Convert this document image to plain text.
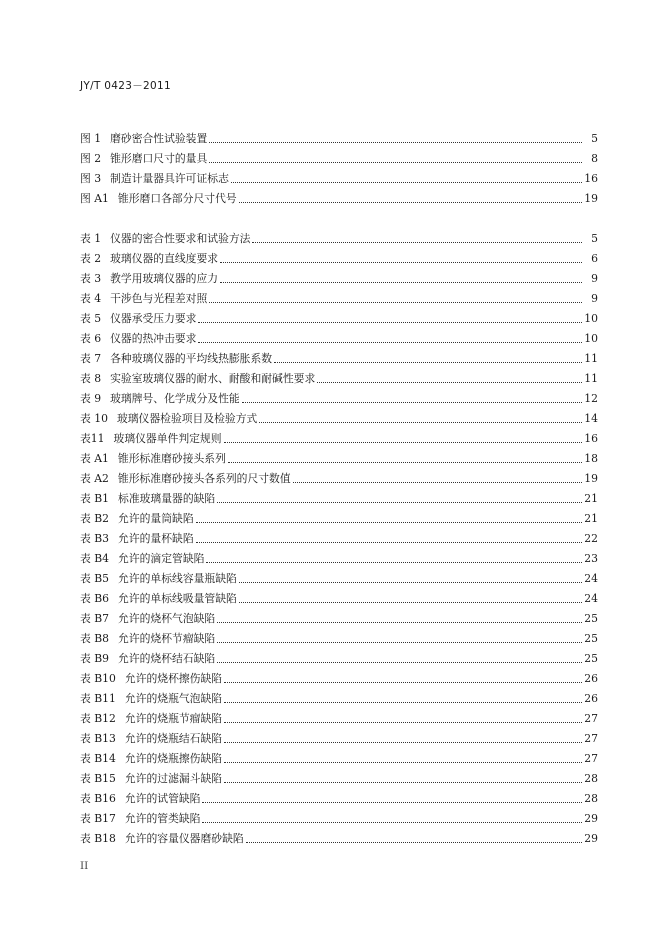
JY/T 0423－2011
图 1 磨砂密合性试验装置	5
图 2 锥形磨口尺寸的量具	8
图 3 制造计量器具许可证标志	16
图 A1 锥形磨口各部分尺寸代号	19
表 1 仪器的密合性要求和试验方法	5
表 2 玻璃仪器的直线度要求	6
表 3 教学用玻璃仪器的应力	9
表 4 干涉色与光程差对照	9
表 5 仪器承受压力要求	10
表 6 仪器的热冲击要求	10
表 7 各种玻璃仪器的平均线热膨胀系数	11
表 8 实验室玻璃仪器的耐水、耐酸和耐碱性要求	11
表 9 玻璃牌号、化学成分及性能	12
表 10 玻璃仪器检验项目及检验方式	14
表11 玻璃仪器单件判定规则	16
表 A1 锥形标准磨砂接头系列	18
表 A2 锥形标准磨砂接头各系列的尺寸数值	19
表 B1 标准玻璃量器的缺陷	21
表 B2 允许的量筒缺陷	21
表 B3 允许的量杯缺陷	22
表 B4 允许的滴定管缺陷	23
表 B5 允许的单标线容量瓶缺陷	24
表 B6 允许的单标线吸量管缺陷	24
表 B7 允许的烧杯气泡缺陷	25
表 B8 允许的烧杯节瘤缺陷	25
表 B9 允许的烧杯结石缺陷	25
表 B10 允许的烧杯擦伤缺陷	26
表 B11 允许的烧瓶气泡缺陷	26
表 B12 允许的烧瓶节瘤缺陷	27
表 B13 允许的烧瓶结石缺陷	27
表 B14 允许的烧瓶擦伤缺陷	27
表 B15 允许的过滤漏斗缺陷	28
表 B16 允许的试管缺陷	28
表 B17 允许的管类缺陷	29
表 B18 允许的容量仪器磨砂缺陷	29
II
